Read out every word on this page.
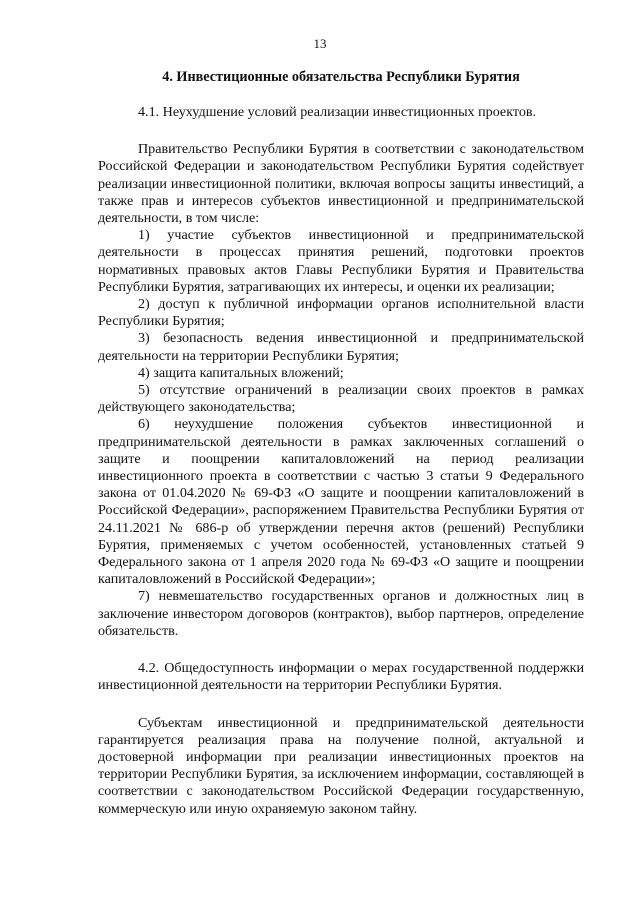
13
4. Инвестиционные обязательства Республики Бурятия

4.1. Неухудшение условий реализации инвестиционных проектов.

Правительство Республики Бурятия в соответствии с законодательством Российской Федерации и законодательством Республики Бурятия содействует реализации инвестиционной политики, включая вопросы защиты инвестиций, а также прав и интересов субъектов инвестиционной и предпринимательской деятельности, в том числе:

1) участие субъектов инвестиционной и предпринимательской деятельности в процессах принятия решений, подготовки проектов нормативных правовых актов Главы Республики Бурятия и Правительства Республики Бурятия, затрагивающих их интересы, и оценки их реализации;

2) доступ к публичной информации органов исполнительной власти Республики Бурятия;

3) безопасность ведения инвестиционной и предпринимательской деятельности на территории Республики Бурятия;

4) защита капитальных вложений;

5) отсутствие ограничений в реализации своих проектов в рамках действующего законодательства;

6) неухудшение положения субъектов инвестиционной и предпринимательской деятельности в рамках заключенных соглашений о защите и поощрении капиталовложений на период реализации инвестиционного проекта в соответствии с частью 3 статьи 9 Федерального закона от 01.04.2020 № 69-ФЗ «О защите и поощрении капиталовложений в Российской Федерации», распоряжением Правительства Республики Бурятия от 24.11.2021 № 686-р об утверждении перечня актов (решений) Республики Бурятия, применяемых с учетом особенностей, установленных статьей 9 Федерального закона от 1 апреля 2020 года № 69-ФЗ «О защите и поощрении капиталовложений в Российской Федерации»;

7) невмешательство государственных органов и должностных лиц в заключение инвестором договоров (контрактов), выбор партнеров, определение обязательств.

4.2. Общедоступность информации о мерах государственной поддержки инвестиционной деятельности на территории Республики Бурятия.

Субъектам инвестиционной и предпринимательской деятельности гарантируется реализация права на получение полной, актуальной и достоверной информации при реализации инвестиционных проектов на территории Республики Бурятия, за исключением информации, составляющей в соответствии с законодательством Российской Федерации государственную, коммерческую или иную охраняемую законом тайну.
